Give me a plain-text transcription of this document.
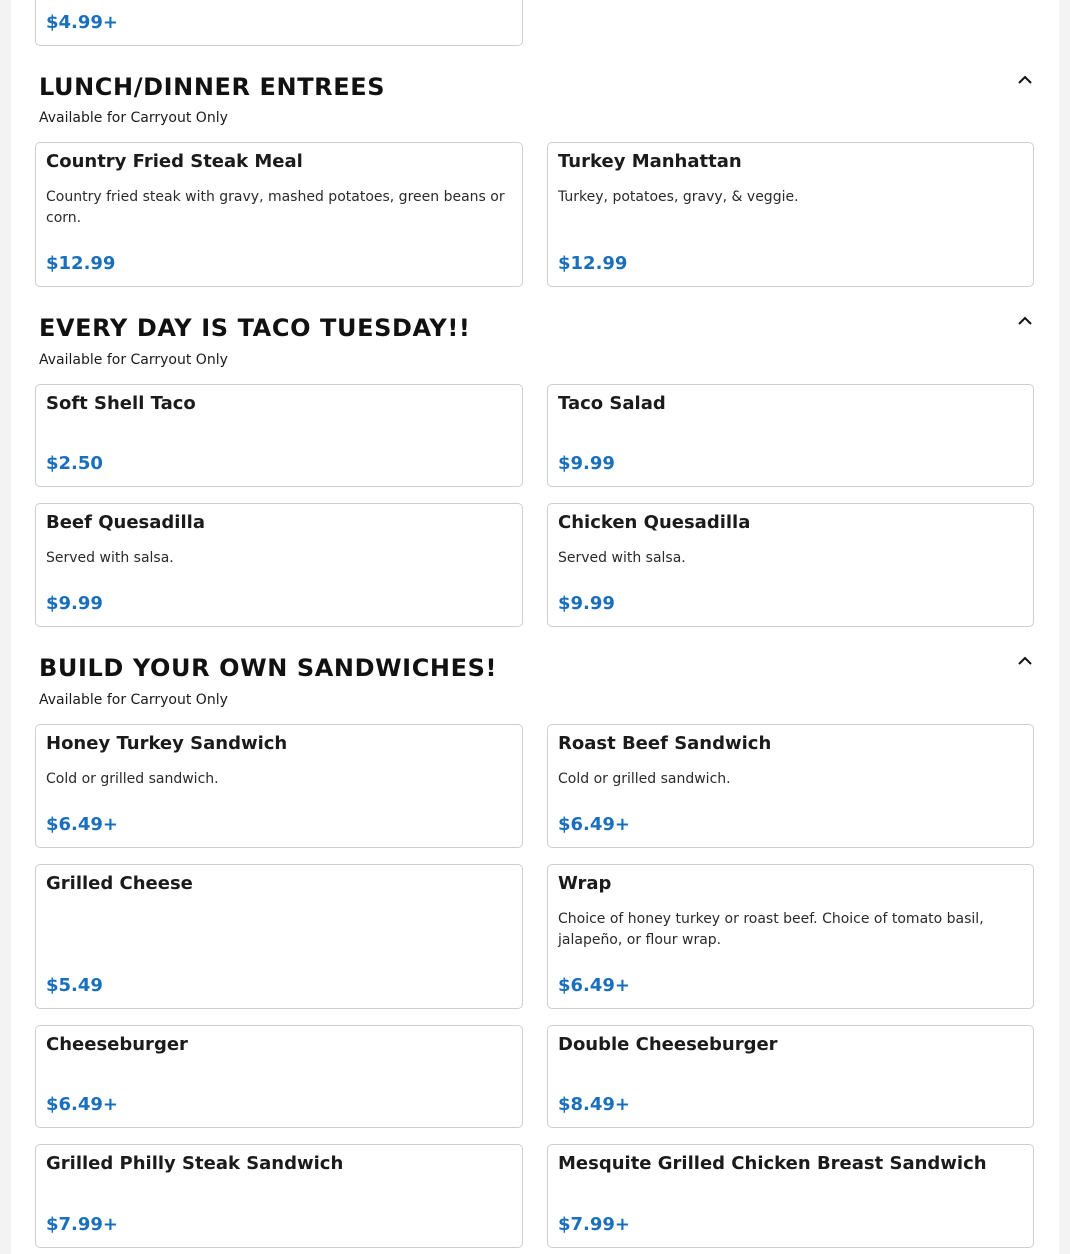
$4.99+
LUNCH/DINNER ENTREES
Available for Carryout Only
Country Fried Steak Meal
Country fried steak with gravy, mashed potatoes, green beans or corn.
$12.99
Turkey Manhattan
Turkey, potatoes, gravy, & veggie.
$12.99
EVERY DAY IS TACO TUESDAY!!
Available for Carryout Only
Soft Shell Taco
$2.50
Taco Salad
$9.99
Beef Quesadilla
Served with salsa.
$9.99
Chicken Quesadilla
Served with salsa.
$9.99
BUILD YOUR OWN SANDWICHES!
Available for Carryout Only
Honey Turkey Sandwich
Cold or grilled sandwich.
$6.49+
Roast Beef Sandwich
Cold or grilled sandwich.
$6.49+
Grilled Cheese
$5.49
Wrap
Choice of honey turkey or roast beef. Choice of tomato basil, jalapeño, or flour wrap.
$6.49+
Cheeseburger
$6.49+
Double Cheeseburger
$8.49+
Grilled Philly Steak Sandwich
$7.99+
Mesquite Grilled Chicken Breast Sandwich
$7.99+
